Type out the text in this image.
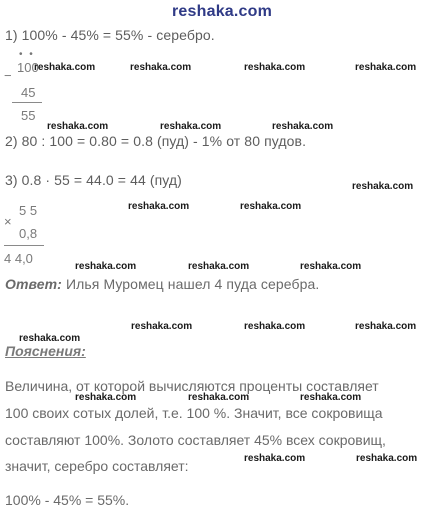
reshaka.com
1) 100% - 45% = 55% - серебро.
• •
−
100
45
55
2) 80 : 100 = 0.80 = 0.8 (пуд) - 1% от 80 пудов.
3) 0.8 · 55 = 44.0 = 44 (пуд)
5 5
×
0,8
4 4,0
Ответ: Илья Муромец нашел 4 пуда серебра.
Пояснения:
Величина, от которой вычисляются проценты составляет
100 своих сотых долей, т.е. 100 %. Значит, все сокровища
составляют 100%. Золото составляет 45% всех сокровищ,
значит, серебро составляет:
100% - 45% = 55%.
reshaka.com	reshaka.com	reshaka.com	reshaka.com
reshaka.com	reshaka.com	reshaka.com
reshaka.com
reshaka.com	reshaka.com
reshaka.com	reshaka.com	reshaka.com
reshaka.com	reshaka.com	reshaka.com
reshaka.com
reshaka.com	reshaka.com	reshaka.com
reshaka.com	reshaka.com
